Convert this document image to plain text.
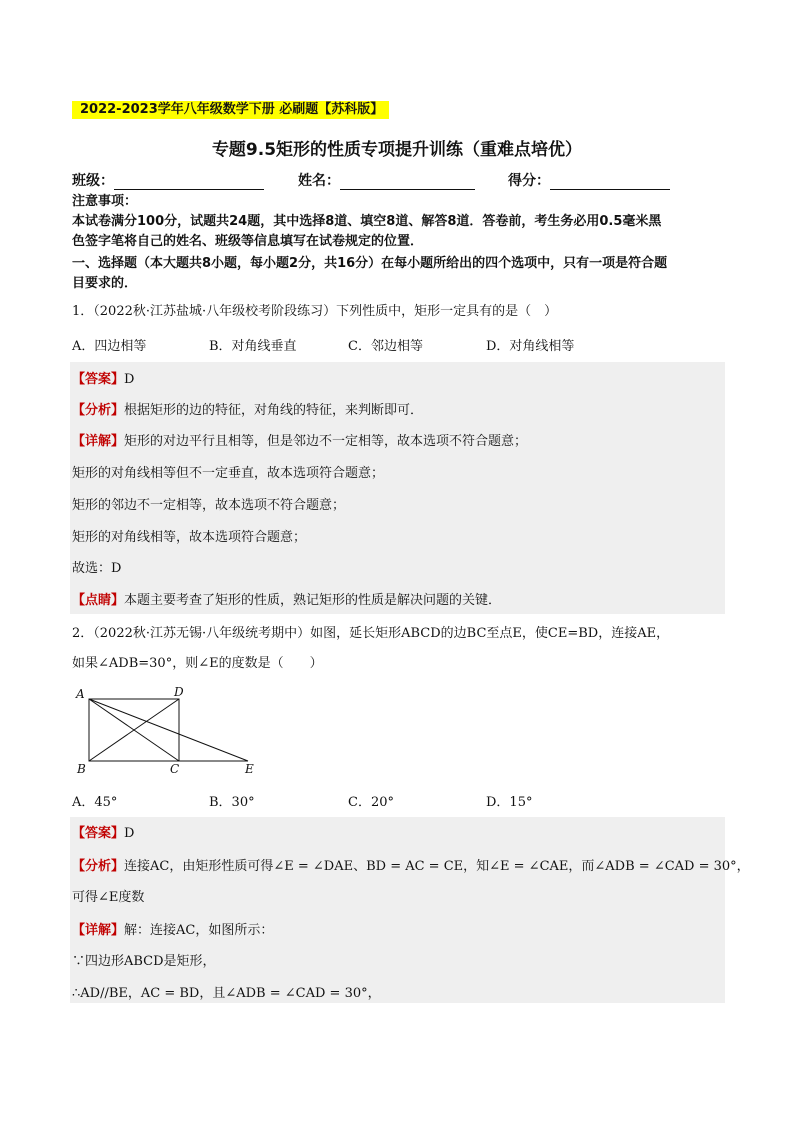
2022-2023学年八年级数学下册 必刷题【苏科版】
专题9.5矩形的性质专项提升训练（重难点培优）
班级：	姓名：	得分：
注意事项：
本试卷满分100分，试题共24题，其中选择8道、填空8道、解答8道．答卷前，考生务必用0.5毫米黑
色签字笔将自己的姓名、班级等信息填写在试卷规定的位置．
一、选择题（本大题共8小题，每小题2分，共16分）在每小题所给出的四个选项中，只有一项是符合题
目要求的．
1．（2022秋·江苏盐城·八年级校考阶段练习）下列性质中，矩形一定具有的是（　）
A．四边相等	B．对角线垂直	C．邻边相等	D．对角线相等
【答案】D
【分析】根据矩形的边的特征，对角线的特征，来判断即可．
【详解】矩形的对边平行且相等，但是邻边不一定相等，故本选项不符合题意；
矩形的对角线相等但不一定垂直，故本选项符合题意；
矩形的邻边不一定相等，故本选项不符合题意；
矩形的对角线相等，故本选项符合题意；
故选：D
【点睛】本题主要考查了矩形的性质，熟记矩形的性质是解决问题的关键．
2．（2022秋·江苏无锡·八年级统考期中）如图，延长矩形ABCD的边BC至点E，使CE=BD，连接AE，
如果∠ADB=30°，则∠E的度数是（　　）
A	D
B	C	E
A．45°	B．30°	C．20°	D．15°
【答案】D
【分析】连接AC，由矩形性质可得∠E = ∠DAE、BD = AC = CE，知∠E = ∠CAE，而∠ADB = ∠CAD = 30°，
可得∠E度数
【详解】解：连接AC，如图所示：
∵四边形ABCD是矩形，
∴AD//BE，AC = BD，且∠ADB = ∠CAD = 30°，
